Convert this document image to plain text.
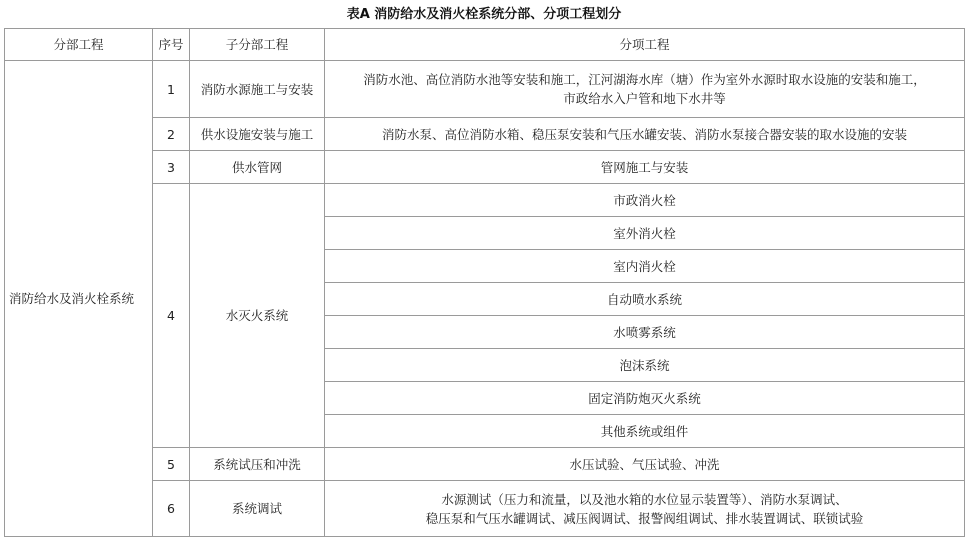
表A 消防给水及消火栓系统分部、分项工程划分
分部工程	序号	子分部工程	分项工程
消防给水及消火栓系统	1	消防水源施工与安装	消防水池、高位消防水池等安装和施工，江河湖海水库（塘）作为室外水源时取水设施的安装和施工，
市政给水入户管和地下水井等

	2	供水设施安装与施工	消防水泵、高位消防水箱、稳压泵安装和气压水罐安装、消防水泵接合器安装的取水设施的安装
	3	供水管网	管网施工与安装
	4	水灭火系统	市政消火栓
			室外消火栓
			室内消火栓
			自动喷水系统
			水喷雾系统
			泡沫系统
			固定消防炮灭火系统
			其他系统或组件
	5	系统试压和冲洗	水压试验、气压试验、冲洗
	6	系统调试	水源测试（压力和流量，以及池水箱的水位显示装置等）、消防水泵调试、
稳压泵和气压水罐调试、减压阀调试、报警阀组调试、排水装置调试、联锁试验
